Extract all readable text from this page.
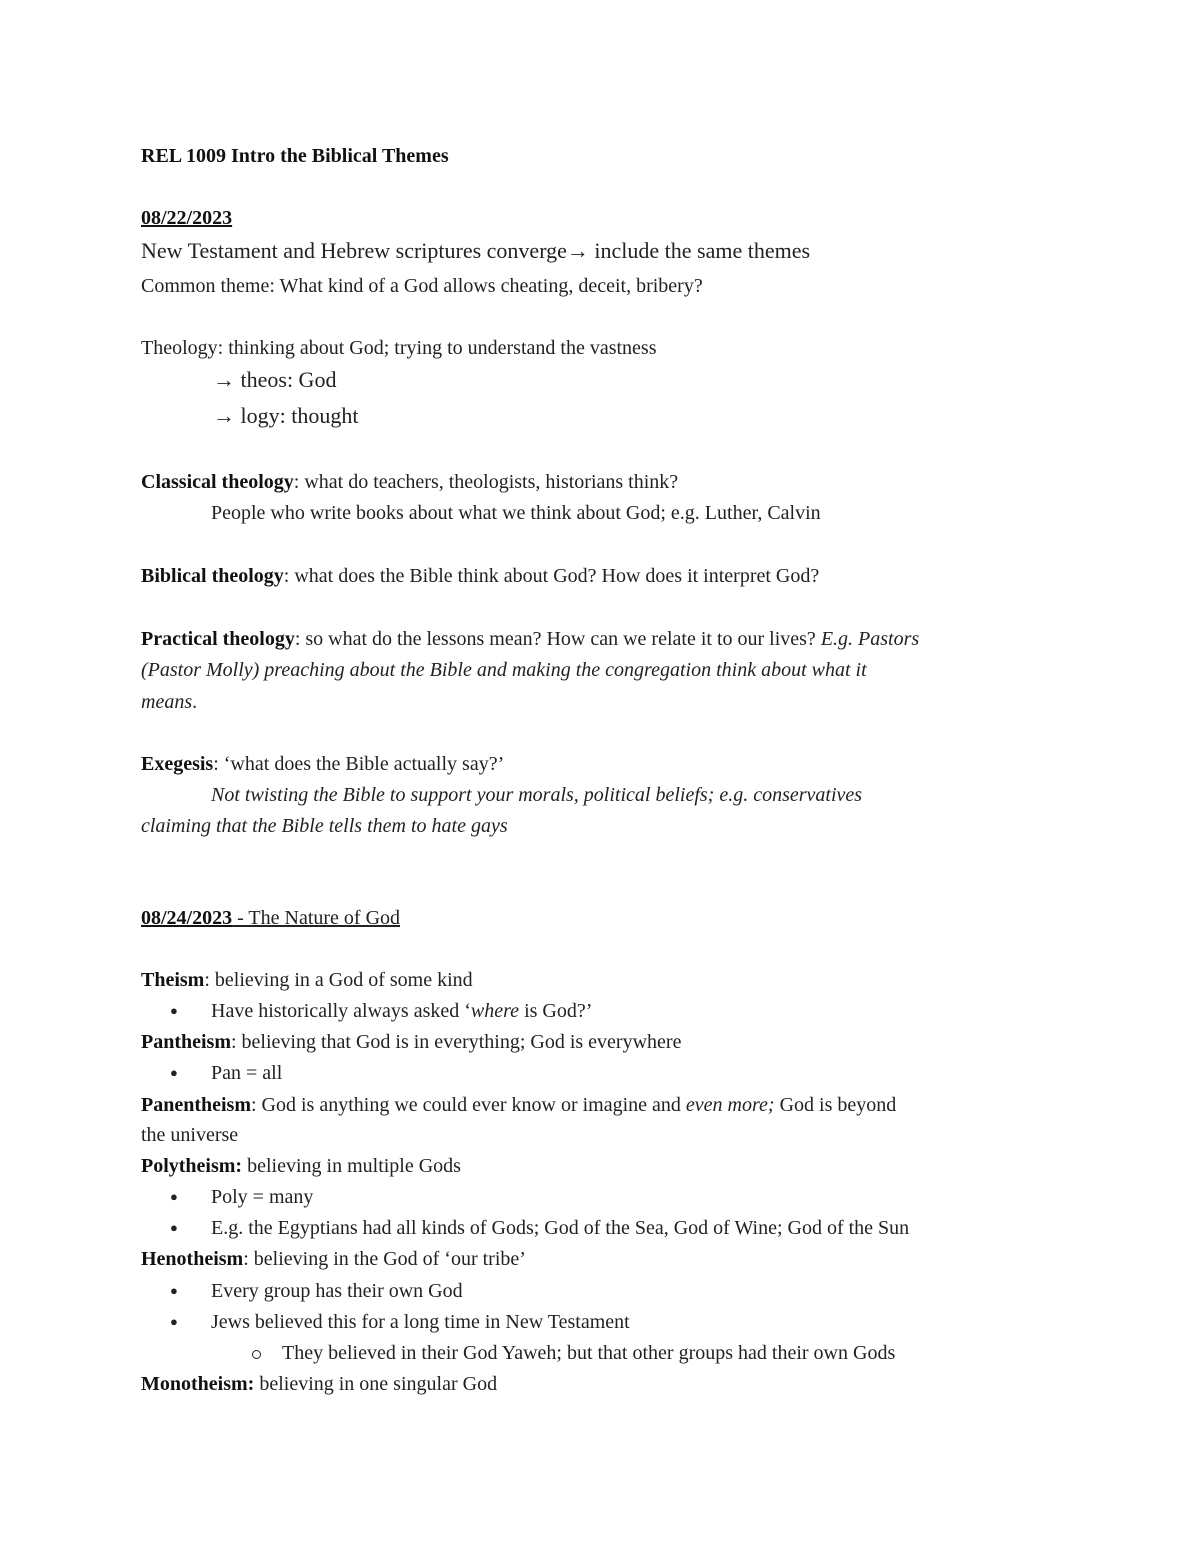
REL 1009 Intro the Biblical Themes
08/22/2023
New Testament and Hebrew scriptures converge→ include the same themes
Common theme: What kind of a God allows cheating, deceit, bribery?
Theology: thinking about God; trying to understand the vastness
→ theos: God
→ logy: thought
Classical theology: what do teachers, theologists, historians think?
People who write books about what we think about God; e.g. Luther, Calvin
Biblical theology: what does the Bible think about God? How does it interpret God?
Practical theology: so what do the lessons mean? How can we relate it to our lives? E.g. Pastors
(Pastor Molly) preaching about the Bible and making the congregation think about what it
means.
Exegesis: ‘what does the Bible actually say?’
Not twisting the Bible to support your morals, political beliefs; e.g. conservatives
claiming that the Bible tells them to hate gays
08/24/2023 - The Nature of God
Theism: believing in a God of some kind
● Have historically always asked ‘where is God?’
Pantheism: believing that God is in everything; God is everywhere
● Pan = all
Panentheism: God is anything we could ever know or imagine and even more; God is beyond
the universe
Polytheism: believing in multiple Gods
● Poly = many
● E.g. the Egyptians had all kinds of Gods; God of the Sea, God of Wine; God of the Sun
Henotheism: believing in the God of ‘our tribe’
● Every group has their own God
● Jews believed this for a long time in New Testament
They believed in their God Yaweh; but that other groups had their own Gods
Monotheism: believing in one singular God
